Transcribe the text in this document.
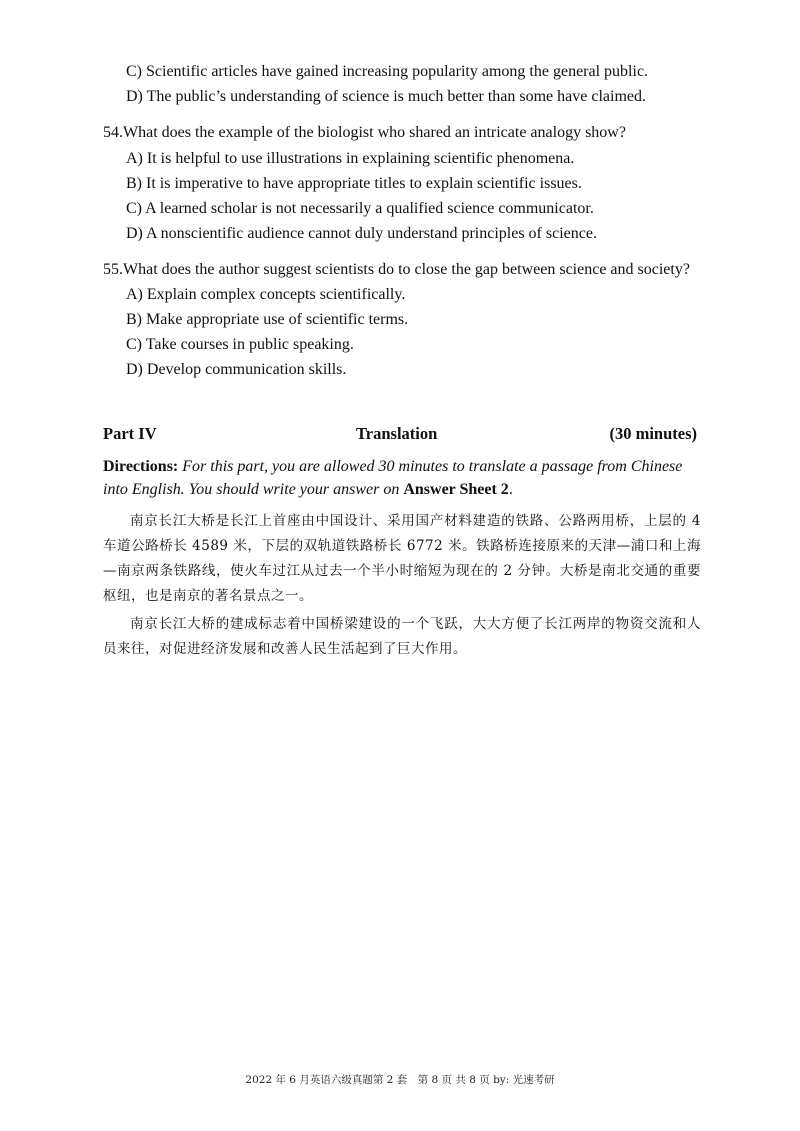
C) Scientific articles have gained increasing popularity among the general public.
D) The public’s understanding of science is much better than some have claimed.
54.What does the example of the biologist who shared an intricate analogy show?
A) It is helpful to use illustrations in explaining scientific phenomena.
B) It is imperative to have appropriate titles to explain scientific issues.
C) A learned scholar is not necessarily a qualified science communicator.
D) A nonscientific audience cannot duly understand principles of science.
55.What does the author suggest scientists do to close the gap between science and society?
A) Explain complex concepts scientifically.
B) Make appropriate use of scientific terms.
C) Take courses in public speaking.
D) Develop communication skills.
Part IV	Translation	(30 minutes)
Directions: For this part, you are allowed 30 minutes to translate a passage from Chinese into English. You should write your answer on Answer Sheet 2.
南京长江大桥是长江上首座由中国设计、采用国产材料建造的铁路、公路两用桥，上层的 4 车道公路桥长 4589 米，下层的双轨道铁路桥长 6772 米。铁路桥连接原来的天津—浦口和上海—南京两条铁路线，使火车过江从过去一个半小时缩短为现在的 2 分钟。大桥是南北交通的重要枢纽，也是南京的著名景点之一。
南京长江大桥的建成标志着中国桥梁建设的一个飞跃，大大方便了长江两岸的物资交流和人员来往，对促进经济发展和改善人民生活起到了巨大作用。
2022 年 6 月英语六级真题第 2 套　第 8 页 共 8 页 by: 光速考研
